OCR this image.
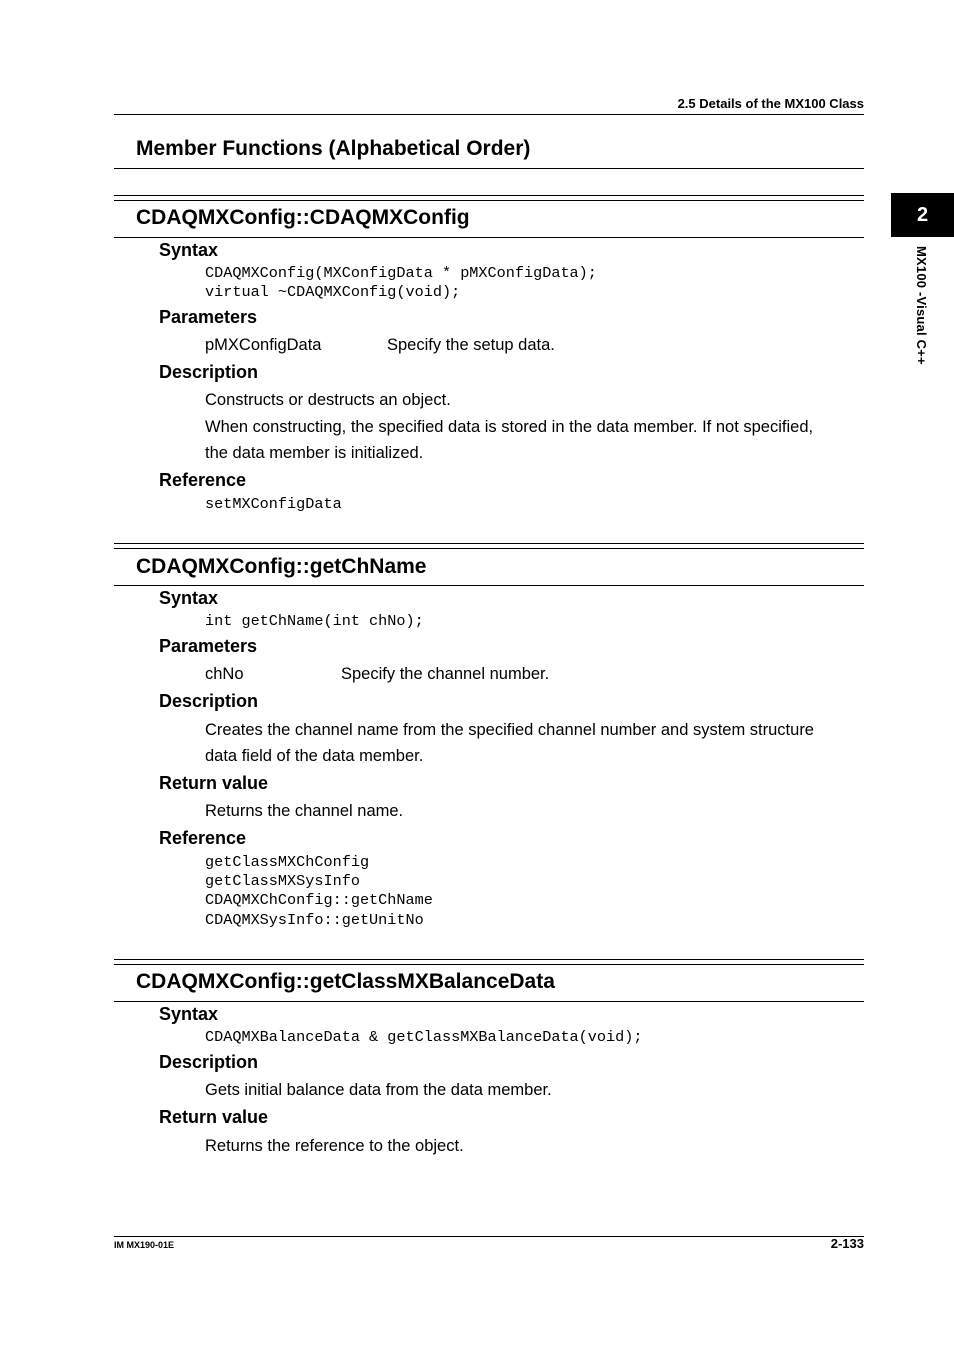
2.5 Details of the MX100 Class
2
MX100 -Visual C++
Member Functions (Alphabetical Order)
CDAQMXConfig::CDAQMXConfig
Syntax
CDAQMXConfig(MXConfigData * pMXConfigData);
virtual ~CDAQMXConfig(void);
Parameters
pMXConfigData	Specify the setup data.
Description
Constructs or destructs an object.
When constructing, the specified data is stored in the data member. If not specified,
the data member is initialized.
Reference
setMXConfigData
CDAQMXConfig::getChName
Syntax
int getChName(int chNo);
Parameters
chNo	Specify the channel number.
Description
Creates the channel name from the specified channel number and system structure
data field of the data member.
Return value
Returns the channel name.
Reference
getClassMXChConfig
getClassMXSysInfo
CDAQMXChConfig::getChName
CDAQMXSysInfo::getUnitNo
CDAQMXConfig::getClassMXBalanceData
Syntax
CDAQMXBalanceData & getClassMXBalanceData(void);
Description
Gets initial balance data from the data member.
Return value
Returns the reference to the object.
IM MX190-01E	2-133
